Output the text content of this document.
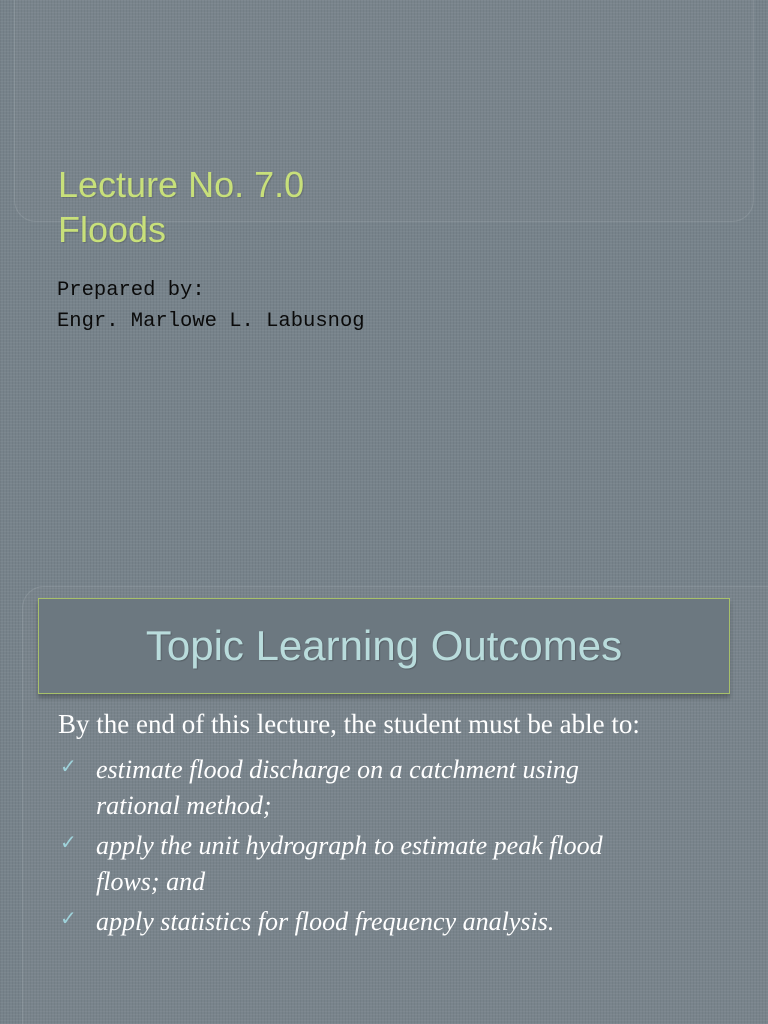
Lecture No. 7.0
Floods
Prepared by:
Engr. Marlowe L. Labusnog
Topic Learning Outcomes
By the end of this lecture, the student must be able to:
✓ estimate flood discharge on a catchment using
rational method;
✓ apply the unit hydrograph to estimate peak flood
flows; and
✓ apply statistics for flood frequency analysis.
